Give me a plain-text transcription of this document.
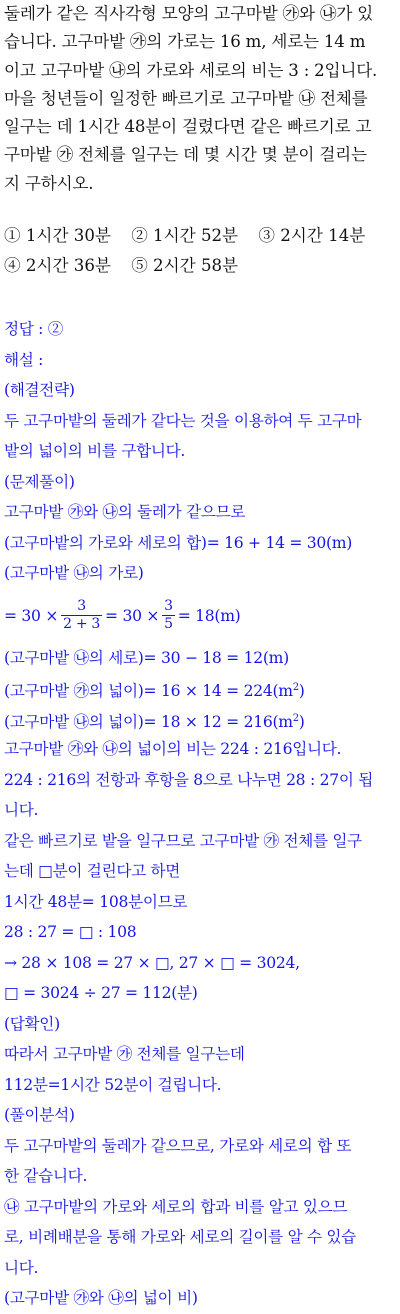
둘레가 같은 직사각형 모양의 고구마밭 ㉮와 ㉯가 있
습니다. 고구마밭 ㉮의 가로는 16 m, 세로는 14 m
이고 고구마밭 ㉯의 가로와 세로의 비는 3 : 2입니다.
마을 청년들이 일정한 빠르기로 고구마밭 ㉯ 전체를
일구는 데 1시간 48분이 걸렸다면 같은 빠르기로 고
구마밭 ㉮ 전체를 일구는 데 몇 시간 몇 분이 걸리는
지 구하시오.
① 1시간 30분 ② 1시간 52분 ③ 2시간 14분
④ 2시간 36분 ⑤ 2시간 58분
정답 : ②
해설 :
(해결전략)
두 고구마밭의 둘레가 같다는 것을 이용하여 두 고구마
밭의 넓이의 비를 구합니다.
(문제풀이)
고구마밭 ㉮와 ㉯의 둘레가 같으므로
(고구마밭의 가로와 세로의 합)= 16 + 14 = 30(m)
(고구마밭 ㉯의 가로)
= $30 \times \frac{3}{2 + 3} = 30 \times \frac{3}{5} = 18(m)$
(고구마밭 ㉯의 세로)= 30 − 18 = 12(m)
(고구마밭 ㉮의 넓이)= $16 \times 14 = 224(m^2)$
(고구마밭 ㉯의 넓이)= $18 \times 12 = 216(m^2)$
고구마밭 ㉮와 ㉯의 넓이의 비는 224 : 216입니다.
224 : 216의 전항과 후항을 8으로 나누면 28 : 27이 됩
니다.
같은 빠르기로 밭을 일구므로 고구마밭 ㉮ 전체를 일구
는데 □분이 걸린다고 하면
1시간 48분= 108분이므로
28 : 27 = □ : 108
→ 28 × 108 = 27 × □, 27 × □ = 3024,
□ = 3024 ÷ 27 = 112(분)
(답확인)
따라서 고구마밭 ㉮ 전체를 일구는데
112분=1시간 52분이 걸립니다.
(풀이분석)
두 고구마밭의 둘레가 같으므로, 가로와 세로의 합 또
한 같습니다.
㉯ 고구마밭의 가로와 세로의 합과 비를 알고 있으므
로, 비례배분을 통해 가로와 세로의 길이를 알 수 있습
니다.
(고구마밭 ㉮와 ㉯의 넓이 비)
